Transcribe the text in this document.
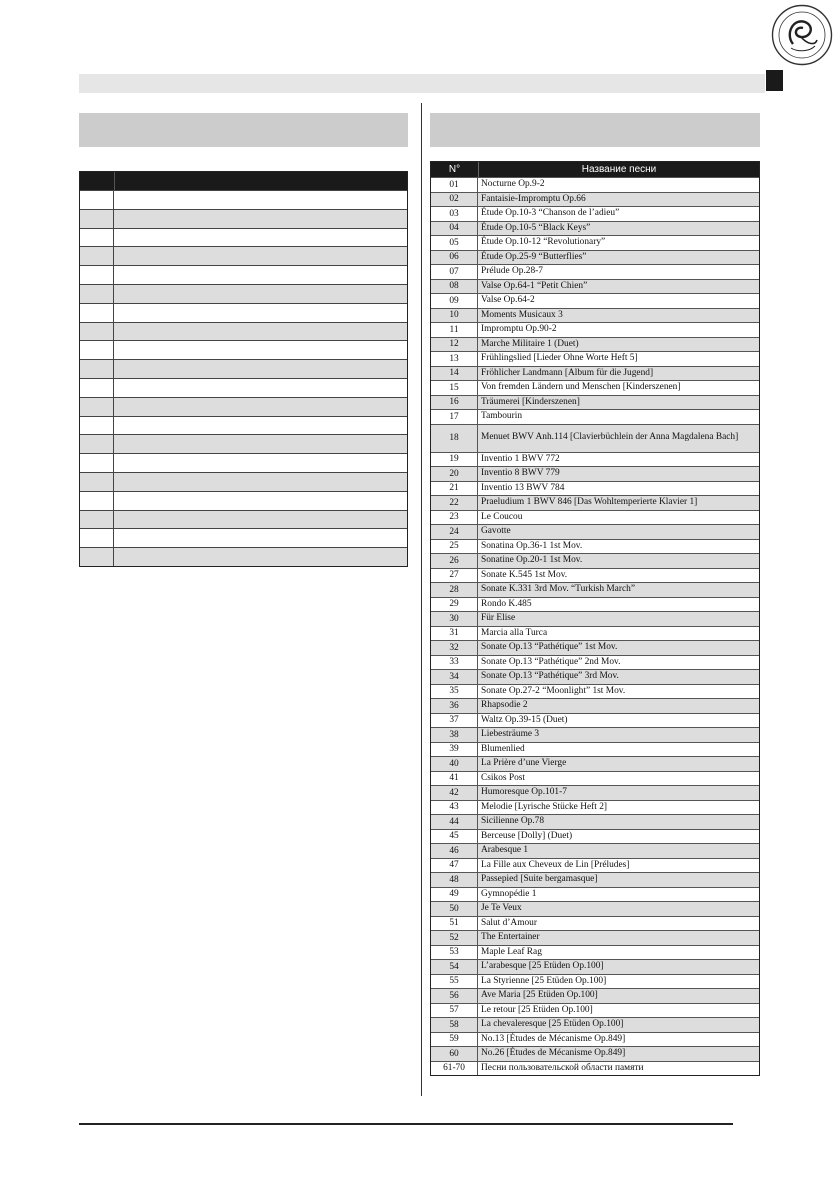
N°	Название песни
01	Nocturne Op.9-2
02	Fantaisie-Impromptu Op.66
03	Étude Op.10-3 “Chanson de l’adieu”
04	Étude Op.10-5 “Black Keys”
05	Étude Op.10-12 “Revolutionary”
06	Étude Op.25-9 “Butterflies”
07	Prélude Op.28-7
08	Valse Op.64-1 “Petit Chien”
09	Valse Op.64-2
10	Moments Musicaux 3
11	Impromptu Op.90-2
12	Marche Militaire 1 (Duet)
13	Frühlingslied [Lieder Ohne Worte Heft 5]
14	Fröhlicher Landmann [Album für die Jugend]
15	Von fremden Ländern und Menschen [Kinderszenen]
16	Träumerei [Kinderszenen]
17	Tambourin
18	Menuet BWV Anh.114 [Clavierbüchlein der Anna Magdalena Bach]
19	Inventio 1 BWV 772
20	Inventio 8 BWV 779
21	Inventio 13 BWV 784
22	Praeludium 1 BWV 846 [Das Wohltemperierte Klavier 1]
23	Le Coucou
24	Gavotte
25	Sonatina Op.36-1 1st Mov.
26	Sonatine Op.20-1 1st Mov.
27	Sonate K.545 1st Mov.
28	Sonate K.331 3rd Mov. “Turkish March”
29	Rondo K.485
30	Für Elise
31	Marcia alla Turca
32	Sonate Op.13 “Pathétique” 1st Mov.
33	Sonate Op.13 “Pathétique” 2nd Mov.
34	Sonate Op.13 “Pathétique” 3rd Mov.
35	Sonate Op.27-2 “Moonlight” 1st Mov.
36	Rhapsodie 2
37	Waltz Op.39-15 (Duet)
38	Liebesträume 3
39	Blumenlied
40	La Prière d’une Vierge
41	Csikos Post
42	Humoresque Op.101-7
43	Melodie [Lyrische Stücke Heft 2]
44	Sicilienne Op.78
45	Berceuse [Dolly] (Duet)
46	Arabesque 1
47	La Fille aux Cheveux de Lin [Préludes]
48	Passepied [Suite bergamasque]
49	Gymnopédie 1
50	Je Te Veux
51	Salut d’Amour
52	The Entertainer
53	Maple Leaf Rag
54	L’arabesque [25 Etüden Op.100]
55	La Styrienne [25 Etüden Op.100]
56	Ave Maria [25 Etüden Op.100]
57	Le retour [25 Etüden Op.100]
58	La chevaleresque [25 Etüden Op.100]
59	No.13 [Études de Mécanisme Op.849]
60	No.26 [Études de Mécanisme Op.849]
61-70	Песни пользовательской области памяти
